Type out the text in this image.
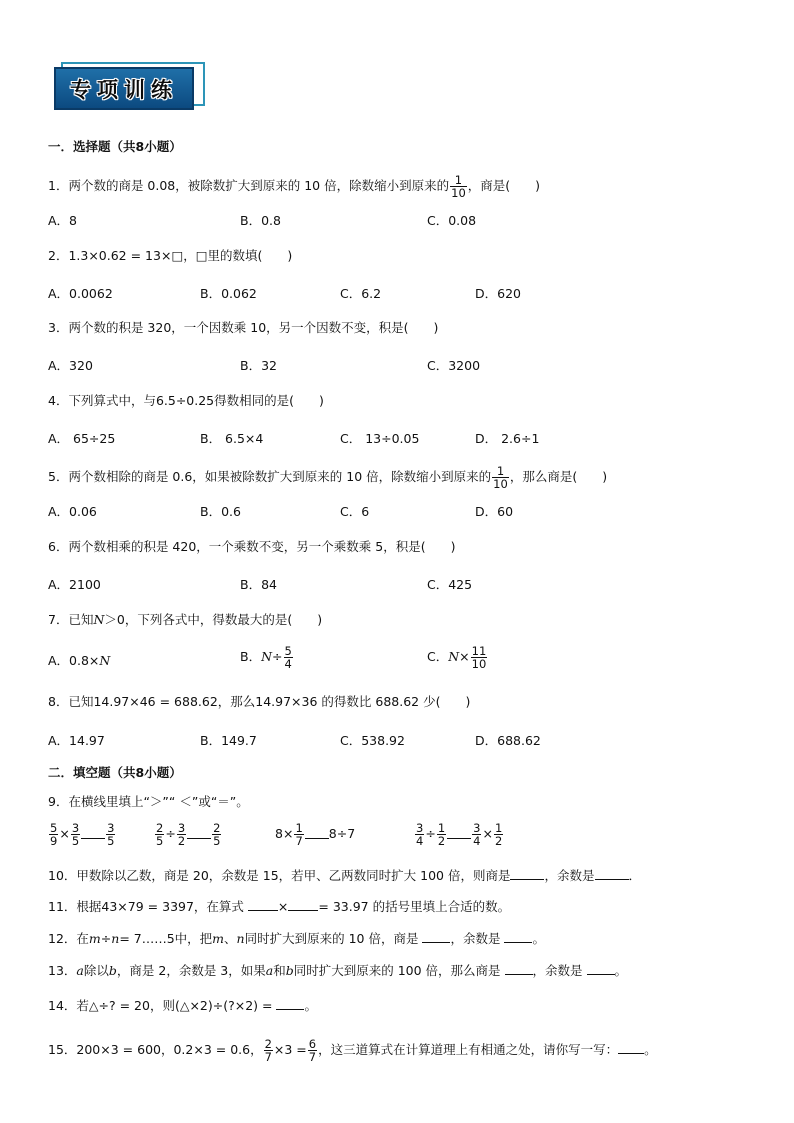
专项训练
一．选择题（共8小题）
1．两个数的商是 0.08，被除数扩大到原来的 10 倍，除数缩小到原来的 $\frac{1}{10}$ ，商是(　　)
A．8	B．0.8	C．0.08
2．1.3×0.62 = 13×□，□里的数填(　　)
A．0.0062	B．0.062	C．6.2	D．620
3．两个数的积是 320，一个因数乘 10，另一个因数不变，积是(　　)
A．320	B．32	C．3200
4．下列算式中，与6.5÷0.25得数相同的是(　　)
A． 65÷25	B． 6.5×4	C． 13÷0.05	D． 2.6÷1
5．两个数相除的商是 0.6，如果被除数扩大到原来的 10 倍，除数缩小到原来的 $\frac{1}{10}$ ，那么商是(　　)
A．0.06	B．0.6	C．6	D．60
6．两个数相乘的积是 420，一个乘数不变，另一个乘数乘 5，积是(　　)
A．2100	B．84	C．425
7．已知N＞0，下列各式中，得数最大的是(　　)
A．0.8×N	B．$N\div \frac{5}{4}$	C．$N\times \frac{11}{10}$
8．已知14.97×46 = 688.62，那么14.97×36 的得数比 688.62 少(　　)
A．14.97	B．149.7	C．538.92	D．688.62
二．填空题（共8小题）
9．在横线里填上“＞”“ ＜”或“＝”。
$\frac{5}{9} \times \frac{3}{5} \frac{3}{5}$	$\frac{2}{5} \div \frac{3}{2} \frac{2}{5}$	$8\times \frac{1}{7} 8\div 7$	$\frac{3}{4} \div \frac{1}{2} \frac{3}{4} \times \frac{1}{2}$
10．甲数除以乙数，商是 20，余数是 15，若甲、乙两数同时扩大 100 倍，则商是	，余数是	．
11．根据43×79 = 3397，在算式	× = 33.97 的括号里填上合适的数。
12．在m÷n= 7……5中，把m、n同时扩大到原来的 10 倍，商是	，余数是	。
13．a除以b，商是 2，余数是 3，如果a和b同时扩大到原来的 100 倍，那么商是	，余数是	。
14．若△÷? = 20，则(△×2)÷(?×2) =	。
15．200×3 = 600，0.2×3 = 0.6， $\frac{2}{7} \times 3 = \frac{6}{7}$ ，这三道算式在计算道理上有相通之处，请你写一写： 。
